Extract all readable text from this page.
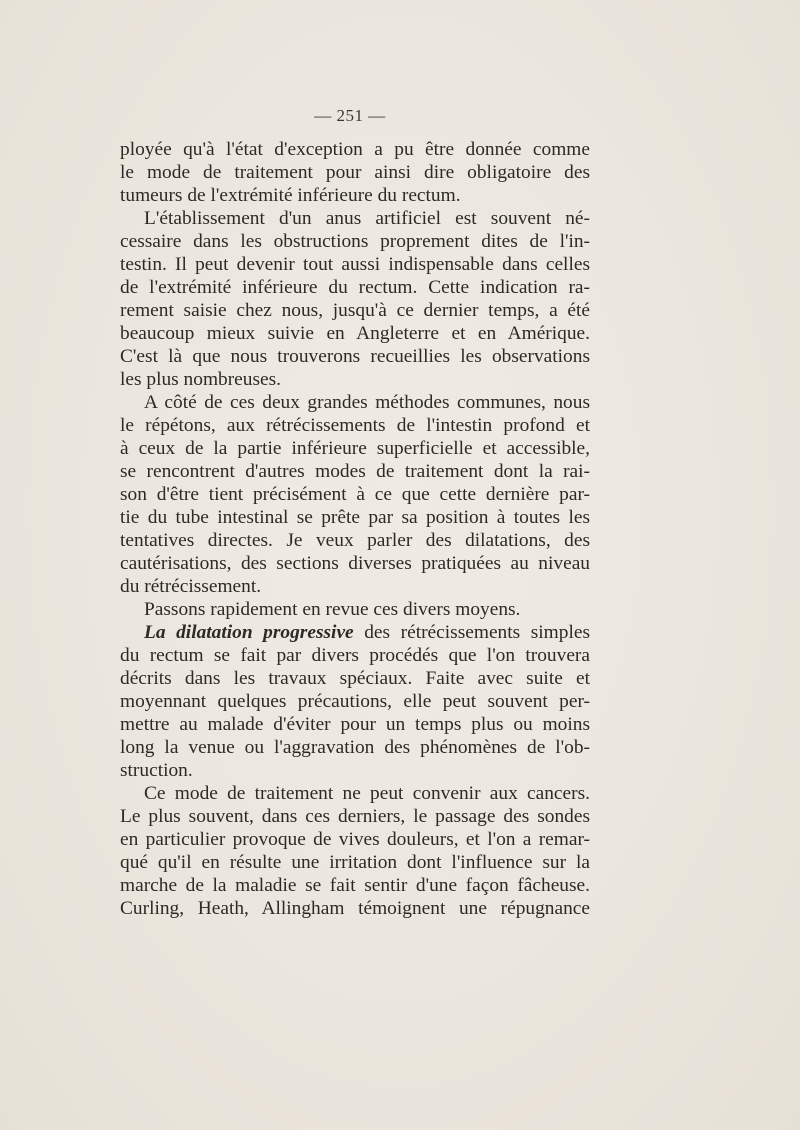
— 251 —
ployée qu'à l'état d'exception a pu être donnée comme
le mode de traitement pour ainsi dire obligatoire des
tumeurs de l'extrémité inférieure du rectum.
L'établissement d'un anus artificiel est souvent né-
cessaire dans les obstructions proprement dites de l'in-
testin. Il peut devenir tout aussi indispensable dans celles
de l'extrémité inférieure du rectum. Cette indication ra-
rement saisie chez nous, jusqu'à ce dernier temps, a été
beaucoup mieux suivie en Angleterre et en Amérique.
C'est là que nous trouverons recueillies les observations
les plus nombreuses.
A côté de ces deux grandes méthodes communes, nous
le répétons, aux rétrécissements de l'intestin profond et
à ceux de la partie inférieure superficielle et accessible,
se rencontrent d'autres modes de traitement dont la rai-
son d'être tient précisément à ce que cette dernière par-
tie du tube intestinal se prête par sa position à toutes les
tentatives directes. Je veux parler des dilatations, des
cautérisations, des sections diverses pratiquées au niveau
du rétrécissement.
Passons rapidement en revue ces divers moyens.
La dilatation progressive des rétrécissements simples
du rectum se fait par divers procédés que l'on trouvera
décrits dans les travaux spéciaux. Faite avec suite et
moyennant quelques précautions, elle peut souvent per-
mettre au malade d'éviter pour un temps plus ou moins
long la venue ou l'aggravation des phénomènes de l'ob-
struction.
Ce mode de traitement ne peut convenir aux cancers.
Le plus souvent, dans ces derniers, le passage des sondes
en particulier provoque de vives douleurs, et l'on a remar-
qué qu'il en résulte une irritation dont l'influence sur la
marche de la maladie se fait sentir d'une façon fâcheuse.
Curling, Heath, Allingham témoignent une répugnance
